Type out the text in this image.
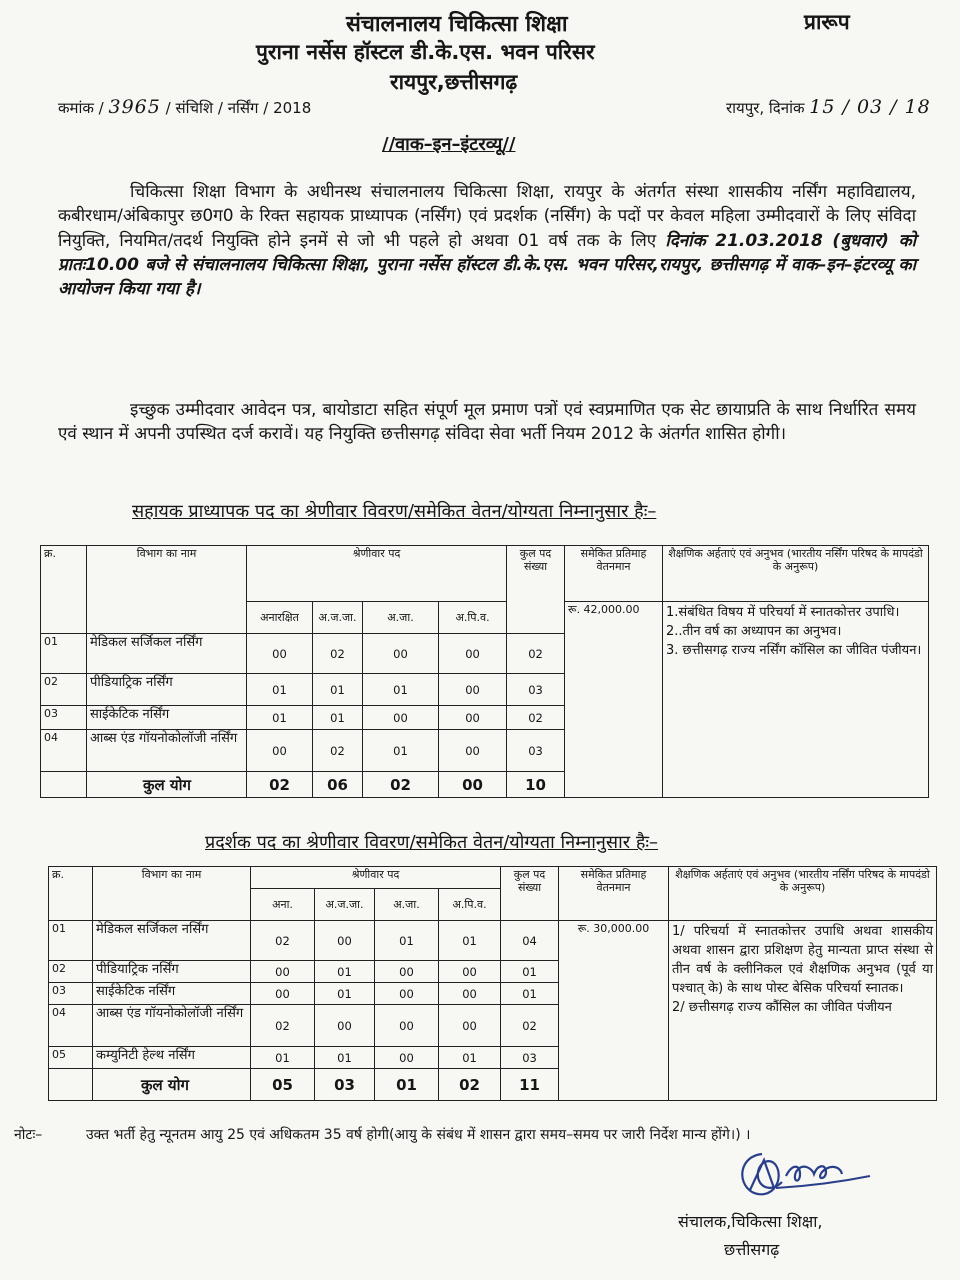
संचालनालय चिकित्सा शिक्षा	प्रारूप
पुराना नर्सेस हॉस्टल डी.के.एस. भवन परिसर
रायपुर,छत्तीसगढ़
कमांक / 3965 / संचिशि / नर्सिंग / 2018	रायपुर, दिनांक 15 / 03 / 18
//वाक–इन–इंटरव्यू//
चिकित्सा शिक्षा विभाग के अधीनस्थ संचालनालय चिकित्सा शिक्षा, रायपुर के अंतर्गत संस्था शासकीय नर्सिंग महाविद्यालय, कबीरधाम/अंबिकापुर छ0ग0 के रिक्त सहायक प्राध्यापक (नर्सिंग) एवं प्रदर्शक (नर्सिंग) के पदों पर केवल महिला उम्मीदवारों के लिए संविदा नियुक्ति, नियमित/तदर्थ नियुक्ति होने इनमें से जो भी पहले हो अथवा 01 वर्ष तक के लिए दिनांक 21.03.2018 (बुधवार) को प्रातः10.00 बजे से संचालनालय चिकित्सा शिक्षा, पुराना नर्सेस हॉस्टल डी.के.एस. भवन परिसर,रायपुर, छत्तीसगढ़ में वाक–इन–इंटरव्यू का आयोजन किया गया है।
इच्छुक उम्मीदवार आवेदन पत्र, बायोडाटा सहित संपूर्ण मूल प्रमाण पत्रों एवं स्वप्रमाणित एक सेट छायाप्रति के साथ निर्धारित समय एवं स्थान में अपनी उपस्थित दर्ज करावें। यह नियुक्ति छत्तीसगढ़ संविदा सेवा भर्ती नियम 2012 के अंतर्गत शासित होगी।
सहायक प्राध्यापक पद का श्रेणीवार विवरण/समेकित वेतन/योग्यता निम्नानुसार हैः–
क्र.	विभाग का नाम	श्रेणीवार पद				कुल पद संख्या	समेकित प्रतिमाह वेतनमान	शैक्षणिक अर्हताएं एवं अनुभव (भारतीय नर्सिंग परिषद के मापदंडो के अनुरूप)
		अनारक्षित	अ.ज.जा.	अ.जा.	अ.पि.व.		रू. 42,000.00	1.संबंधित विषय में परिचर्या में स्नातकोत्तर उपाधि।
2..तीन वर्ष का अध्यापन का अनुभव।
3. छत्तीसगढ़ राज्य नर्सिंग कॉसिल का जीवित पंजीयन।

01	मेडिकल सर्जिकल नर्सिंग	00	02	00	00	02		
02	पीडियाट्रिक नर्सिंग	01	01	01	00	03		
03	साईकेटिक नर्सिंग	01	01	00	00	02		
04	आब्स एंड गॉयनोकोलॉजी नर्सिंग	00	02	01	00	03		
	कुल योग	02	06	02	00	10		
प्रदर्शक पद का श्रेणीवार विवरण/समेकित वेतन/योग्यता निम्नानुसार हैः–
क्र.	विभाग का नाम	श्रेणीवार पद				कुल पद संख्या	समेकित प्रतिमाह वेतनमान	शैक्षणिक अर्हताएं एवं अनुभव (भारतीय नर्सिंग परिषद के मापदंडो के अनुरूप)
		अना.	अ.ज.जा.	अ.जा.	अ.पि.व.			
01	मेडिकल सर्जिकल नर्सिंग	02	00	01	01	04	रू. 30,000.00	1/ परिचर्या में स्नातकोत्तर उपाधि अथवा शासकीय अथवा शासन द्वारा प्रशिक्षण हेतु मान्यता प्राप्त संस्था से तीन वर्ष के क्लीनिकल एवं शैक्षणिक अनुभव (पूर्व या पश्चात् के) के साथ पोस्ट बेसिक परिचर्या स्नातक।
2/ छत्तीसगढ़ राज्य कौंसिल का जीवित पंजीयन

02	पीडियाट्रिक नर्सिंग	00	01	00	00	01		
03	साईकेटिक नर्सिंग	00	01	00	00	01		
04	आब्स एंड गॉयनोकोलॉजी नर्सिंग	02	00	00	00	02		
05	कम्युनिटी हेल्थ नर्सिंग	01	01	00	01	03		
	कुल योग	05	03	01	02	11		
नोटः–	उक्त भर्ती हेतु न्यूनतम आयु 25 एवं अधिकतम 35 वर्ष होगी(आयु के संबंध में शासन द्वारा समय–समय पर जारी निर्देश मान्य होंगे।) ।
संचालक,चिकित्सा शिक्षा,
छत्तीसगढ़
